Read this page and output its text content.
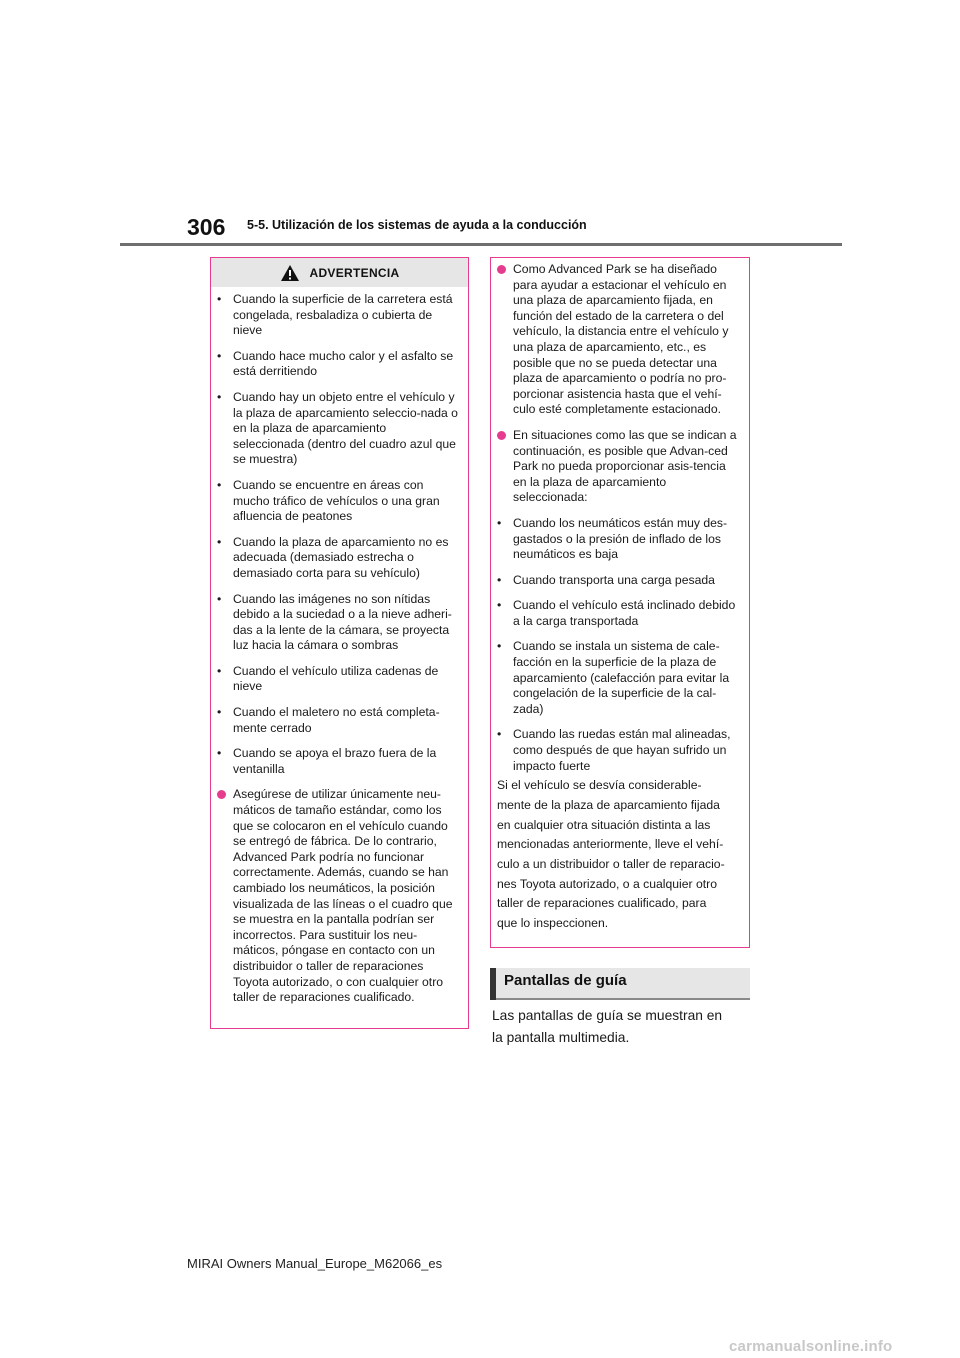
306 5-5. Utilización de los sistemas de ayuda a la conducción
ADVERTENCIA
• Cuando la superficie de la carretera está congelada, resbaladiza o cubierta de nieve
• Cuando hace mucho calor y el asfalto se está derritiendo
• Cuando hay un objeto entre el vehículo y la plaza de aparcamiento seleccio-nada o en la plaza de aparcamiento seleccionada (dentro del cuadro azul que se muestra)
• Cuando se encuentre en áreas con mucho tráfico de vehículos o una gran afluencia de peatones
• Cuando la plaza de aparcamiento no es adecuada (demasiado estrecha o demasiado corta para su vehículo)
• Cuando las imágenes no son nítidas debido a la suciedad o a la nieve adheri-das a la lente de la cámara, se proyecta luz hacia la cámara o sombras
• Cuando el vehículo utiliza cadenas de nieve
• Cuando el maletero no está completa-mente cerrado
• Cuando se apoya el brazo fuera de la ventanilla
Asegúrese de utilizar únicamente neu-máticos de tamaño estándar, como los que se colocaron en el vehículo cuando se entregó de fábrica. De lo contrario, Advanced Park podría no funcionar correctamente. Además, cuando se han cambiado los neumáticos, la posición visualizada de las líneas o el cuadro que se muestra en la pantalla podrían ser incorrectos. Para sustituir los neu-máticos, póngase en contacto con un distribuidor o taller de reparaciones Toyota autorizado, o con cualquier otro taller de reparaciones cualificado.
Como Advanced Park se ha diseñado para ayudar a estacionar el vehículo en una plaza de aparcamiento fijada, en función del estado de la carretera o del vehículo, la distancia entre el vehículo y una plaza de aparcamiento, etc., es posible que no se pueda detectar una plaza de aparcamiento o podría no pro-porcionar asistencia hasta que el vehí-culo esté completamente estacionado.
En situaciones como las que se indican a continuación, es posible que Advan-ced Park no pueda proporcionar asis-tencia en la plaza de aparcamiento seleccionada:
• Cuando los neumáticos están muy des-gastados o la presión de inflado de los neumáticos es baja
• Cuando transporta una carga pesada
• Cuando el vehículo está inclinado debido a la carga transportada
• Cuando se instala un sistema de cale-facción en la superficie de la plaza de aparcamiento (calefacción para evitar la congelación de la superficie de la cal-zada)
• Cuando las ruedas están mal alineadas, como después de que hayan sufrido un impacto fuerte
Si el vehículo se desvía considerable-
mente de la plaza de aparcamiento fijada
en cualquier otra situación distinta a las
mencionadas anteriormente, lleve el vehí-
culo a un distribuidor o taller de reparacio-
nes Toyota autorizado, o a cualquier otro
taller de reparaciones cualificado, para
que lo inspeccionen.
Pantallas de guía
Las pantallas de guía se muestran en
la pantalla multimedia.
MIRAI Owners Manual_Europe_M62066_es
carmanualsonline.info
